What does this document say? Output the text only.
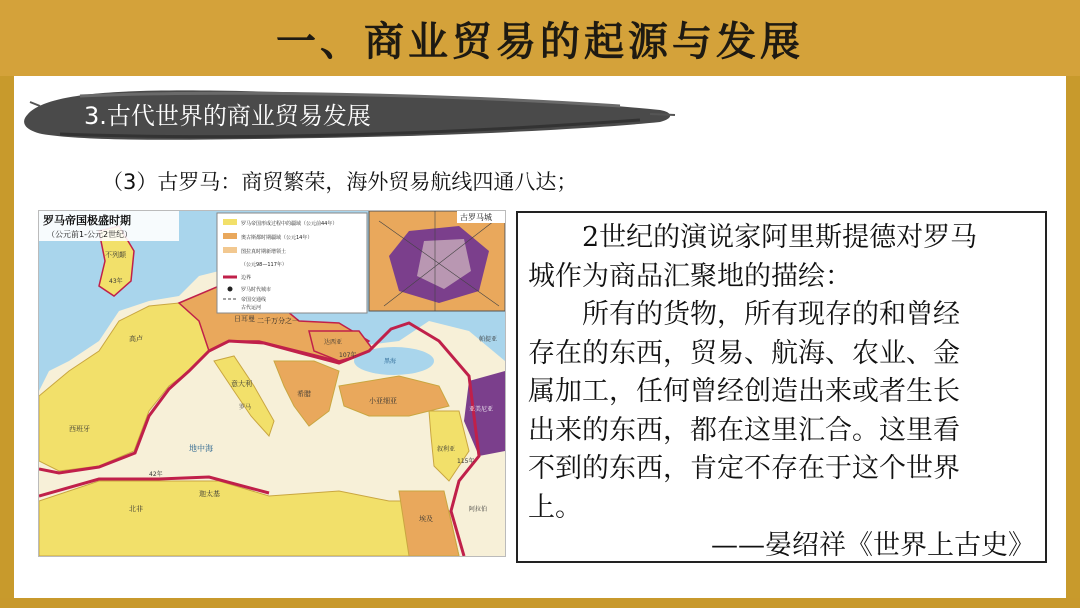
一、商业贸易的起源与发展
3.古代世界的商业贸易发展
（3）古罗马：商贸繁荣，海外贸易航线四通八达；
罗马帝国极盛时期
（公元前1-公元2世纪）
罗马帝国形成过程中的疆域（公元前44年）
奥古斯都时期疆域（公元14年）
图拉真时期新增领土
（公元98—117年）
边界
罗马时代城市
帝国交通线
古代运河
二千万分之一
古罗马城
不列颠
43年
高卢
西班牙
意大利
罗马
希腊
埃及
亚美尼亚
北非
迦太基
叙利亚
小亚细亚
达西亚
日耳曼
黑海
地中海
阿拉伯
帕提亚
107年
42年
115年

2世纪的演说家阿里斯提德对罗马

城作为商品汇聚地的描绘：

所有的货物，所有现存的和曾经

存在的东西，贸易、航海、农业、金

属加工，任何曾经创造出来或者生长

出来的东西，都在这里汇合。这里看

不到的东西，肯定不存在于这个世界

上。

——晏绍祥《世界上古史》
